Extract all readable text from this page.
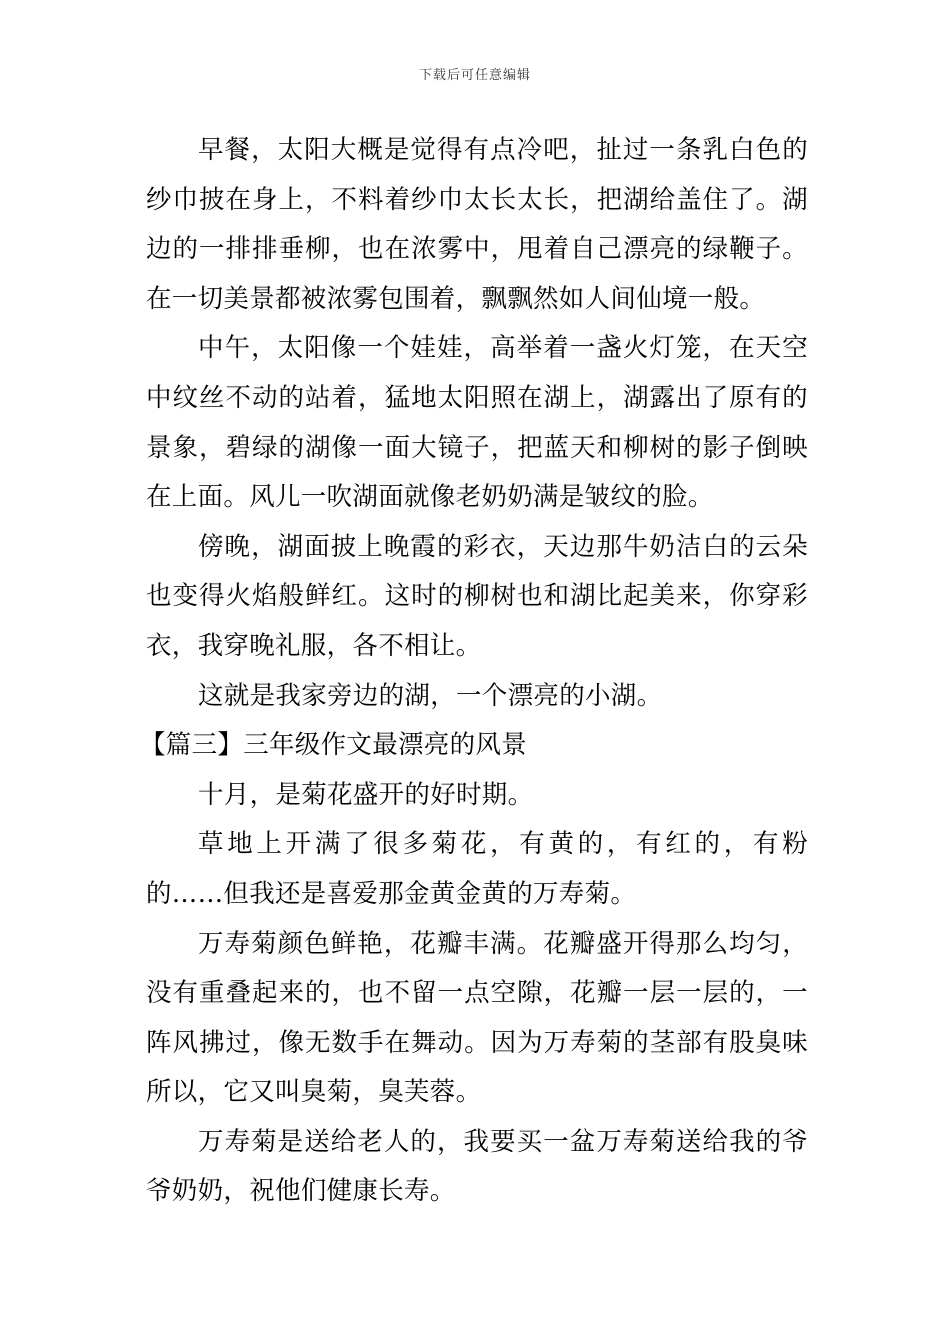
下载后可任意编辑

早餐，太阳大概是觉得有点冷吧，扯过一条乳白色的纱巾披在身上，不料着纱巾太长太长，把湖给盖住了。湖边的一排排垂柳，也在浓雾中，甩着自己漂亮的绿鞭子。在一切美景都被浓雾包围着，飘飘然如人间仙境一般。

中午，太阳像一个娃娃，高举着一盏火灯笼，在天空中纹丝不动的站着，猛地太阳照在湖上，湖露出了原有的景象，碧绿的湖像一面大镜子，把蓝天和柳树的影子倒映在上面。风儿一吹湖面就像老奶奶满是皱纹的脸。

傍晚，湖面披上晚霞的彩衣，天边那牛奶洁白的云朵也变得火焰般鲜红。这时的柳树也和湖比起美来，你穿彩衣，我穿晚礼服，各不相让。

这就是我家旁边的湖，一个漂亮的小湖。

【篇三】三年级作文最漂亮的风景

十月，是菊花盛开的好时期。

草地上开满了很多菊花，有黄的，有红的，有粉的……但我还是喜爱那金黄金黄的万寿菊。

万寿菊颜色鲜艳，花瓣丰满。花瓣盛开得那么均匀，没有重叠起来的，也不留一点空隙，花瓣一层一层的，一阵风拂过，像无数手在舞动。因为万寿菊的茎部有股臭味所以，它又叫臭菊，臭芙蓉。

万寿菊是送给老人的，我要买一盆万寿菊送给我的爷爷奶奶，祝他们健康长寿。
